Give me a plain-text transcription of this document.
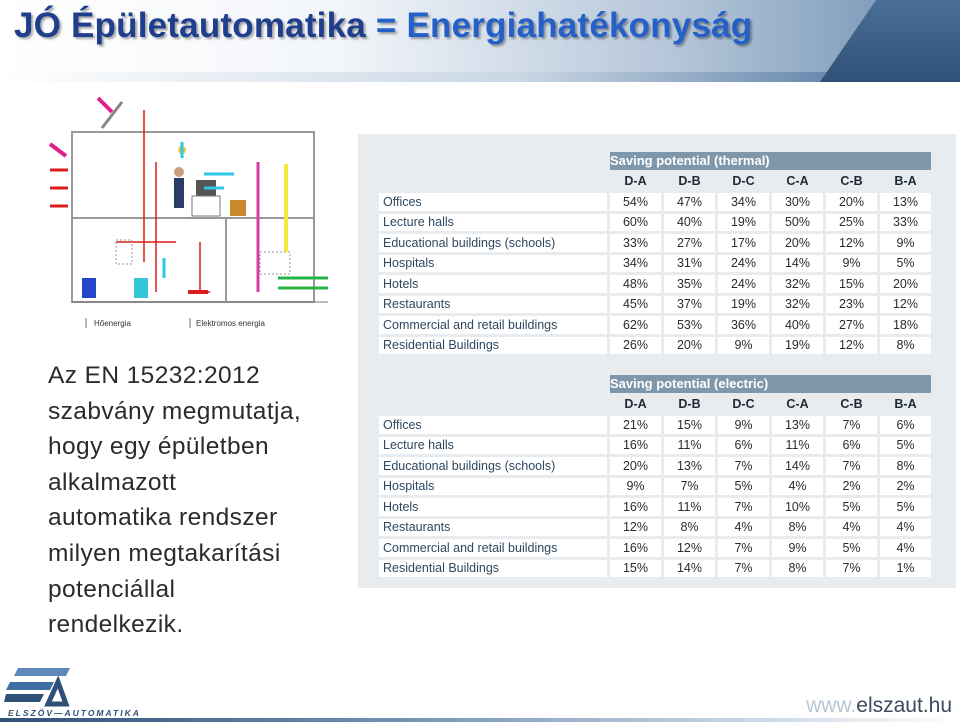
JÓ Épületautomatika = Energiahatékonyság
Hőenergia	Elektromos energia
Az EN 15232:2012
szabvány megmutatja,
hogy egy épületben
alkalmazott
automatika rendszer
milyen megtakarítási
potenciállal
rendelkezik.
	Saving potential (thermal)					
	D-A	D-B	D-C	C-A	C-B	B-A
Offices	54%	47%	34%	30%	20%	13%
Lecture halls	60%	40%	19%	50%	25%	33%
Educational buildings (schools)	33%	27%	17%	20%	12%	9%
Hospitals	34%	31%	24%	14%	9%	5%
Hotels	48%	35%	24%	32%	15%	20%
Restaurants	45%	37%	19%	32%	23%	12%
Commercial and retail buildings	62%	53%	36%	40%	27%	18%
Residential Buildings	26%	20%	9%	19%	12%	8%
	Saving potential (electric)					
	D-A	D-B	D-C	C-A	C-B	B-A
Offices	21%	15%	9%	13%	7%	6%
Lecture halls	16%	11%	6%	11%	6%	5%
Educational buildings (schools)	20%	13%	7%	14%	7%	8%
Hospitals	9%	7%	5%	4%	2%	2%
Hotels	16%	11%	7%	10%	5%	5%
Restaurants	12%	8%	4%	8%	4%	4%
Commercial and retail buildings	16%	12%	7%	9%	5%	4%
Residential Buildings	15%	14%	7%	8%	7%	1%
ELSZÖV—AUTOMATIKA	www.elszaut.hu
